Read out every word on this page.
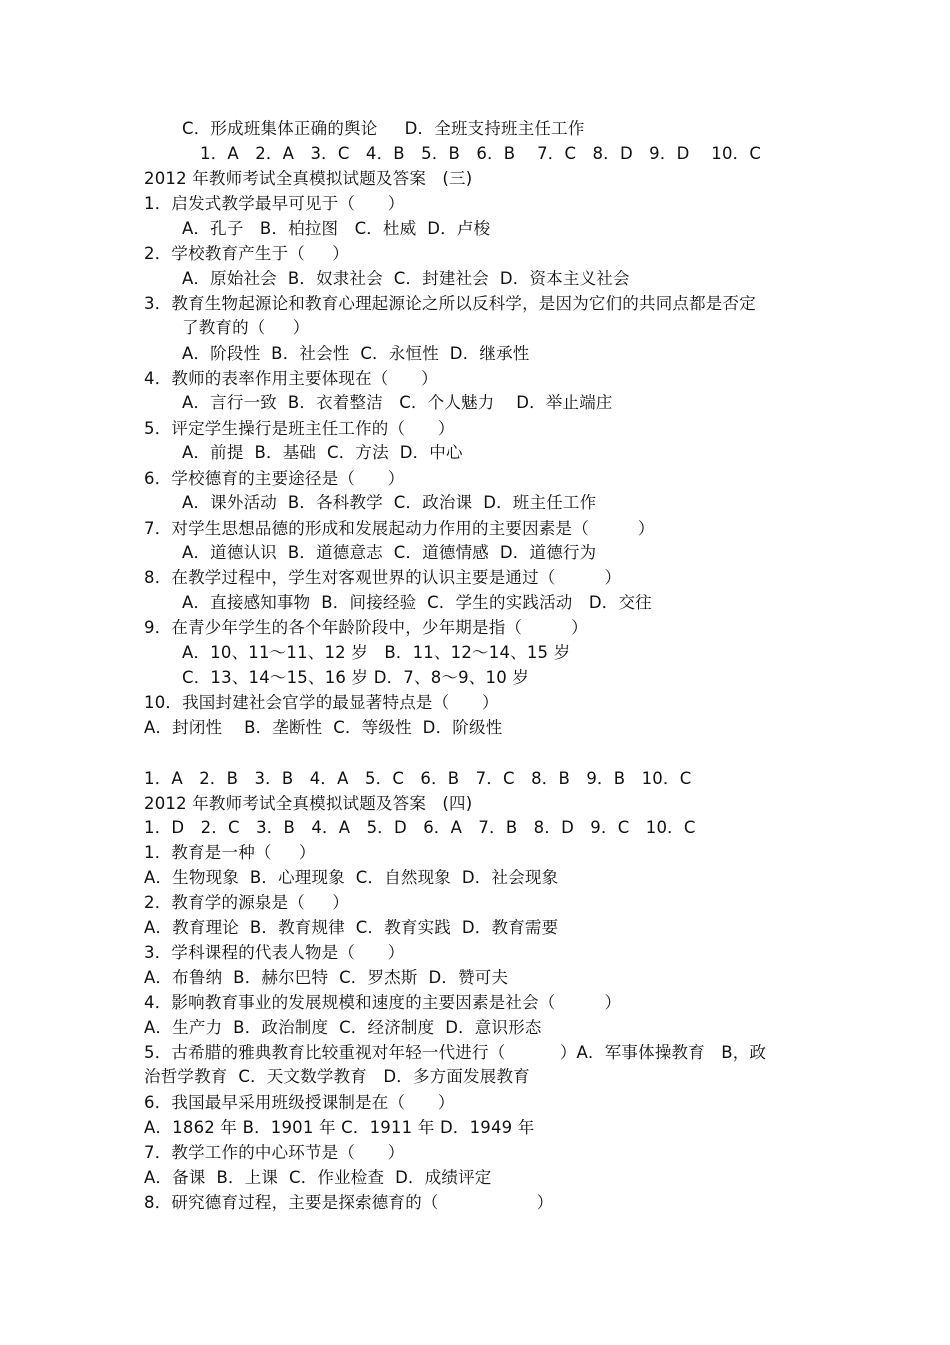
C．形成班集体正确的舆论     D．全班支持班主任工作
1．A   2．A   3．C   4．B   5．B   6．B    7．C   8．D   9．D    10．C
2012 年教师考试全真模拟试题及答案   (三)
1．启发式教学最早可见于（      ）
A．孔子   B．柏拉图   C．杜威  D．卢梭
2．学校教育产生于（     ）
A．原始社会  B．奴隶社会  C．封建社会  D．资本主义社会
3．教育生物起源论和教育心理起源论之所以反科学，是因为它们的共同点都是否定
了教育的（     ）
A．阶段性  B．社会性  C．永恒性  D．继承性
4．教师的表率作用主要体现在（      ）
A．言行一致  B．衣着整洁   C．个人魅力    D．举止端庄
5．评定学生操行是班主任工作的（      ）
A．前提  B．基础  C．方法  D．中心
6．学校德育的主要途径是（      ）
A．课外活动  B．各科教学  C．政治课  D．班主任工作
7．对学生思想品德的形成和发展起动力作用的主要因素是（         ）
A．道德认识  B．道德意志  C．道德情感  D．道德行为
8．在教学过程中，学生对客观世界的认识主要是通过（         ）
A．直接感知事物  B．间接经验  C．学生的实践活动   D．交往
9．在青少年学生的各个年龄阶段中，少年期是指（         ）
A．10、11～11、12 岁   B．11、12～14、15 岁
C．13、14～15、16 岁 D．7、8～9、10 岁
10．我国封建社会官学的最显著特点是（      ）
A．封闭性    B．垄断性  C．等级性  D．阶级性
1．A   2．B   3．B   4．A   5．C   6．B   7．C   8．B   9．B   10．C
2012 年教师考试全真模拟试题及答案   (四)
1．D   2．C   3．B   4．A   5．D   6．A   7．B   8．D   9．C   10．C
1．教育是一种（     ）
A．生物现象  B．心理现象  C．自然现象  D．社会现象
2．教育学的源泉是（     ）
A．教育理论  B．教育规律  C．教育实践  D．教育需要
3．学科课程的代表人物是（      ）
A．布鲁纳  B．赫尔巴特  C．罗杰斯  D．赞可夫
4．影响教育事业的发展规模和速度的主要因素是社会（         ）
A．生产力  B．政治制度  C．经济制度  D．意识形态
5．古希腊的雅典教育比较重视对年轻一代进行（          ）A．军事体操教育   B，政
治哲学教育  C．天文数学教育   D．多方面发展教育
6．我国最早采用班级授课制是在（      ）
A．1862 年 B．1901 年 C．1911 年 D．1949 年
7．教学工作的中心环节是（      ）
A．备课  B．上课  C．作业检查  D．成绩评定
8．研究德育过程，主要是探索德育的（                  ）
